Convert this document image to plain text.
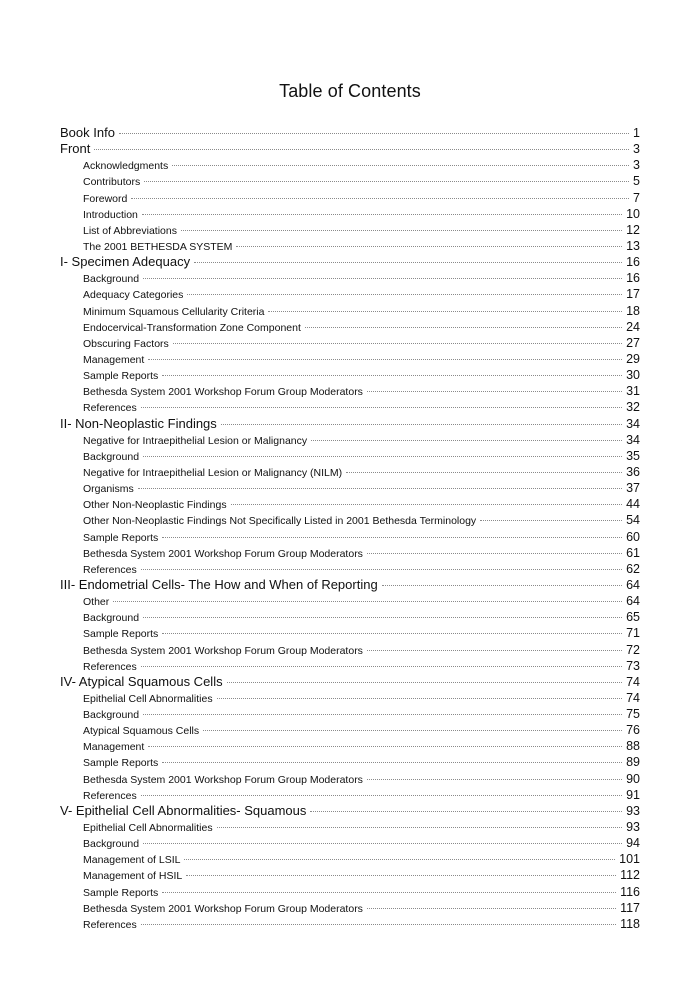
Table of Contents
Book Info	1
Front	3
Acknowledgments	3
Contributors	5
Foreword	7
Introduction	10
List of Abbreviations	12
The 2001 BETHESDA SYSTEM	13
I- Specimen Adequacy	16
Background	16
Adequacy Categories	17
Minimum Squamous Cellularity Criteria	18
Endocervical-Transformation Zone Component	24
Obscuring Factors	27
Management	29
Sample Reports	30
Bethesda System 2001 Workshop Forum Group Moderators	31
References	32
II- Non-Neoplastic Findings	34
Negative for Intraepithelial Lesion or Malignancy	34
Background	35
Negative for Intraepithelial Lesion or Malignancy (NILM)	36
Organisms	37
Other Non-Neoplastic Findings	44
Other Non-Neoplastic Findings Not Specifically Listed in 2001 Bethesda Terminology	54
Sample Reports	60
Bethesda System 2001 Workshop Forum Group Moderators	61
References	62
III- Endometrial Cells- The How and When of Reporting	64
Other	64
Background	65
Sample Reports	71
Bethesda System 2001 Workshop Forum Group Moderators	72
References	73
IV- Atypical Squamous Cells	74
Epithelial Cell Abnormalities	74
Background	75
Atypical Squamous Cells	76
Management	88
Sample Reports	89
Bethesda System 2001 Workshop Forum Group Moderators	90
References	91
V- Epithelial Cell Abnormalities- Squamous	93
Epithelial Cell Abnormalities	93
Background	94
Management of LSIL	101
Management of HSIL	112
Sample Reports	116
Bethesda System 2001 Workshop Forum Group Moderators	117
References	118
